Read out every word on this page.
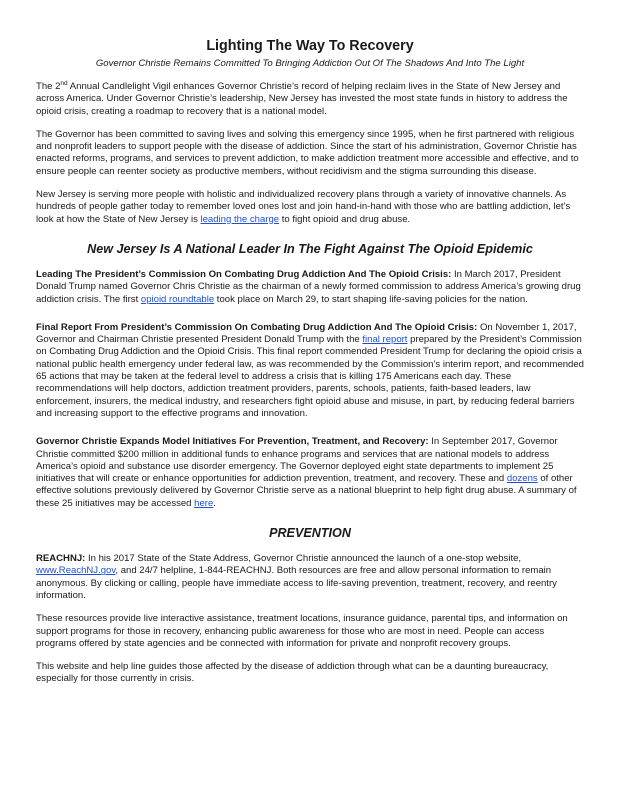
Lighting The Way To Recovery
Governor Christie Remains Committed To Bringing Addiction Out Of The Shadows And Into The Light

The 2nd Annual Candlelight Vigil enhances Governor Christie’s record of helping reclaim lives in the State of New Jersey and across America. Under Governor Christie’s leadership, New Jersey has invested the most state funds in history to address the opioid crisis, creating a roadmap to recovery that is a national model.

The Governor has been committed to saving lives and solving this emergency since 1995, when he first partnered with religious and nonprofit leaders to support people with the disease of addiction. Since the start of his administration, Governor Christie has enacted reforms, programs, and services to prevent addiction, to make addiction treatment more accessible and effective, and to ensure people can reenter society as productive members, without recidivism and the stigma surrounding this disease.

New Jersey is serving more people with holistic and individualized recovery plans through a variety of innovative channels. As hundreds of people gather today to remember loved ones lost and join hand-in-hand with those who are battling addiction, let’s look at how the State of New Jersey is leading the charge to fight opioid and drug abuse.

New Jersey Is A National Leader In The Fight Against The Opioid Epidemic

Leading The President’s Commission On Combating Drug Addiction And The Opioid Crisis: In March 2017, President Donald Trump named Governor Chris Christie as the chairman of a newly formed commission to address America’s growing drug addiction crisis. The first opioid roundtable took place on March 29, to start shaping life-saving policies for the nation.

Final Report From President’s Commission On Combating Drug Addiction And The Opioid Crisis: On November 1, 2017, Governor and Chairman Christie presented President Donald Trump with the final report prepared by the President’s Commission on Combating Drug Addiction and the Opioid Crisis. This final report commended President Trump for declaring the opioid crisis a national public health emergency under federal law, as was recommended by the Commission’s interim report, and recommended 65 actions that may be taken at the federal level to address a crisis that is killing 175 Americans each day. These recommendations will help doctors, addiction treatment providers, parents, schools, patients, faith-based leaders, law enforcement, insurers, the medical industry, and researchers fight opioid abuse and misuse, in part, by reducing federal barriers and increasing support to the effective programs and innovation.

Governor Christie Expands Model Initiatives For Prevention, Treatment, and Recovery: In September 2017, Governor Christie committed $200 million in additional funds to enhance programs and services that are national models to address America’s opioid and substance use disorder emergency. The Governor deployed eight state departments to implement 25 initiatives that will create or enhance opportunities for addiction prevention, treatment, and recovery. These and dozens of other effective solutions previously delivered by Governor Christie serve as a national blueprint to help fight drug abuse. A summary of these 25 initiatives may be accessed here.

PREVENTION

REACHNJ: In his 2017 State of the State Address, Governor Christie announced the launch of a one-stop website, www.ReachNJ.gov, and 24/7 helpline, 1-844-REACHNJ. Both resources are free and allow personal information to remain anonymous. By clicking or calling, people have immediate access to life-saving prevention, treatment, recovery, and reentry information.

These resources provide live interactive assistance, treatment locations, insurance guidance, parental tips, and information on support programs for those in recovery, enhancing public awareness for those who are most in need. People can access programs offered by state agencies and be connected with information for private and nonprofit recovery groups.

This website and help line guides those affected by the disease of addiction through what can be a daunting bureaucracy, especially for those currently in crisis.
